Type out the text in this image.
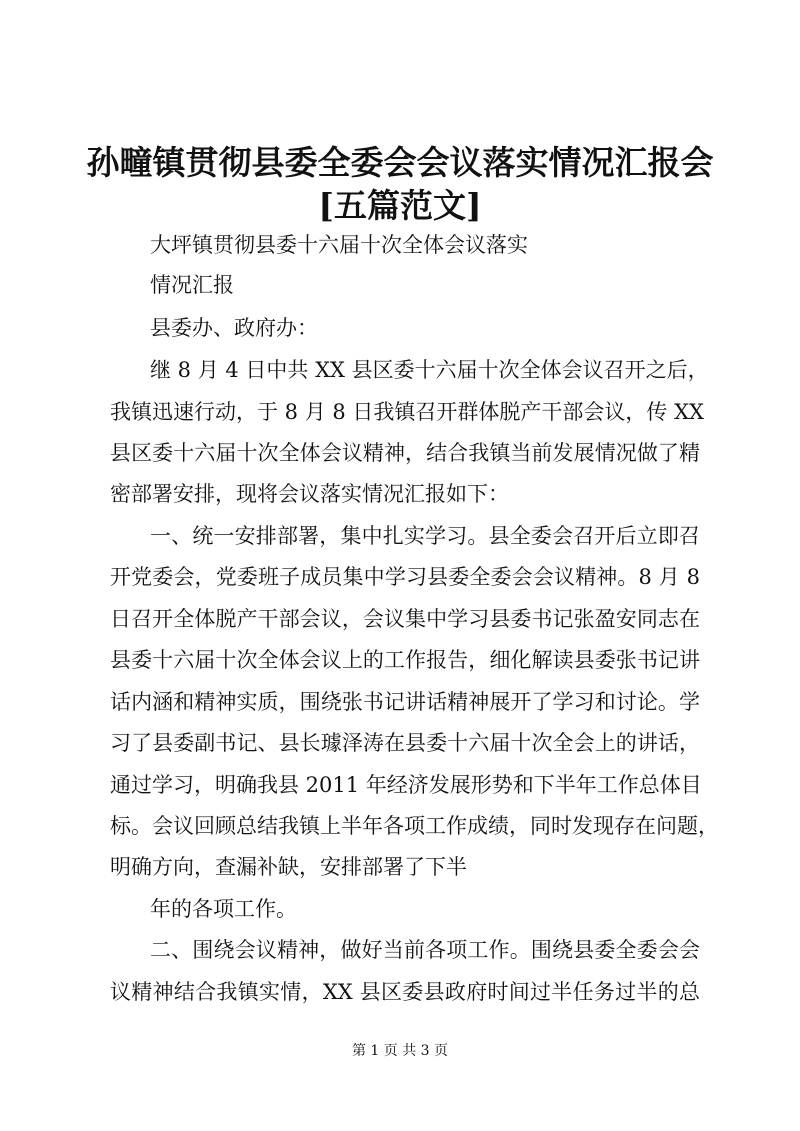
孙疃镇贯彻县委全委会会议落实情况汇报会
[五篇范文]

大坪镇贯彻县委十六届十次全体会议落实

情况汇报

县委办、政府办：

继 8 月 4 日中共 XX 县区委十六届十次全体会议召开之后，

我镇迅速行动，于 8 月 8 日我镇召开群体脱产干部会议，传 XX

县区委十六届十次全体会议精神，结合我镇当前发展情况做了精

密部署安排，现将会议落实情况汇报如下：

一、统一安排部署，集中扎实学习。县全委会召开后立即召

开党委会，党委班子成员集中学习县委全委会会议精神。8 月 8

日召开全体脱产干部会议，会议集中学习县委书记张盈安同志在

县委十六届十次全体会议上的工作报告，细化解读县委张书记讲

话内涵和精神实质，围绕张书记讲话精神展开了学习和讨论。学

习了县委副书记、县长璩泽涛在县委十六届十次全会上的讲话，

通过学习，明确我县 2011 年经济发展形势和下半年工作总体目

标。会议回顾总结我镇上半年各项工作成绩，同时发现存在问题，

明确方向，查漏补缺，安排部署了下半

年的各项工作。

二、围绕会议精神，做好当前各项工作。围绕县委全委会会

议精神结合我镇实情，XX 县区委县政府时间过半任务过半的总

第 1 页 共 3 页
